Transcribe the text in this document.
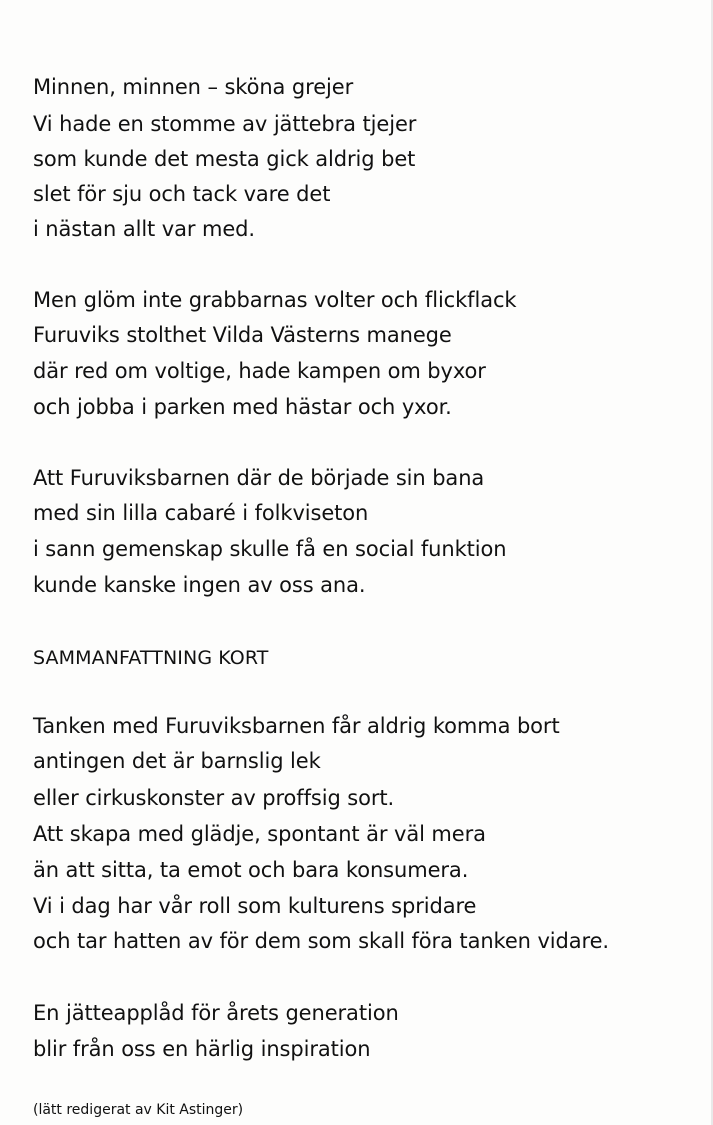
Minnen, minnen – sköna grejer
Vi hade en stomme av jättebra tjejer
som kunde det mesta gick aldrig bet
slet för sju och tack vare det
i nästan allt var med.
Men glöm inte grabbarnas volter och flickflack
Furuviks stolthet Vilda Västerns manege
där red om voltige, hade kampen om byxor
och jobba i parken med hästar och yxor.
Att Furuviksbarnen där de började sin bana
med sin lilla cabaré i folkviseton
i sann gemenskap skulle få en social funktion
kunde kanske ingen av oss ana.
SAMMANFATTNING KORT
Tanken med Furuviksbarnen får aldrig komma bort
antingen det är barnslig lek
eller cirkuskonster av proffsig sort.
Att skapa med glädje, spontant är väl mera
än att sitta, ta emot och bara konsumera.
Vi i dag har vår roll som kulturens spridare
och tar hatten av för dem som skall föra tanken vidare.
En jätteapplåd för årets generation
blir från oss en härlig inspiration
(lätt redigerat av Kit Astinger)
